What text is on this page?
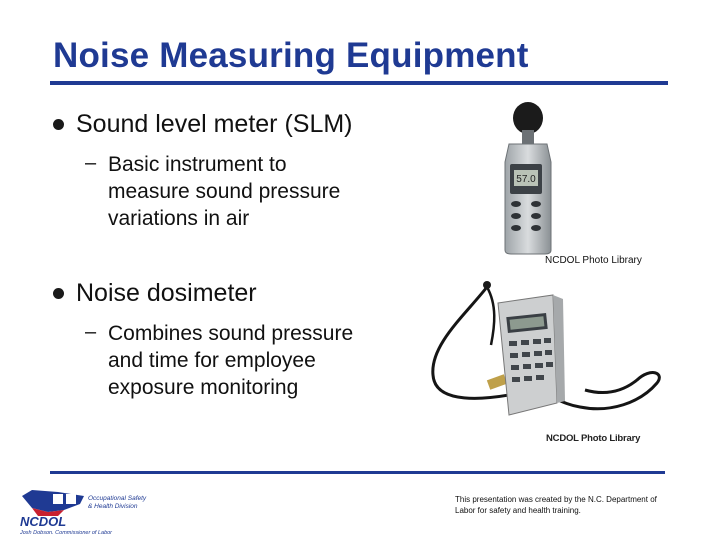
Noise Measuring Equipment
Sound level meter (SLM)
– Basic instrument to
measure sound pressure
variations in air
Noise dosimeter
– Combines sound pressure
and time for employee
exposure monitoring
57.0
NCDOL Photo Library
NCDOL Photo Library
NCDOL
Occupational Safety
& Health Division
Josh Dobson, Commissioner of Labor
This presentation was created by the N.C. Department of Labor for safety and health training.
